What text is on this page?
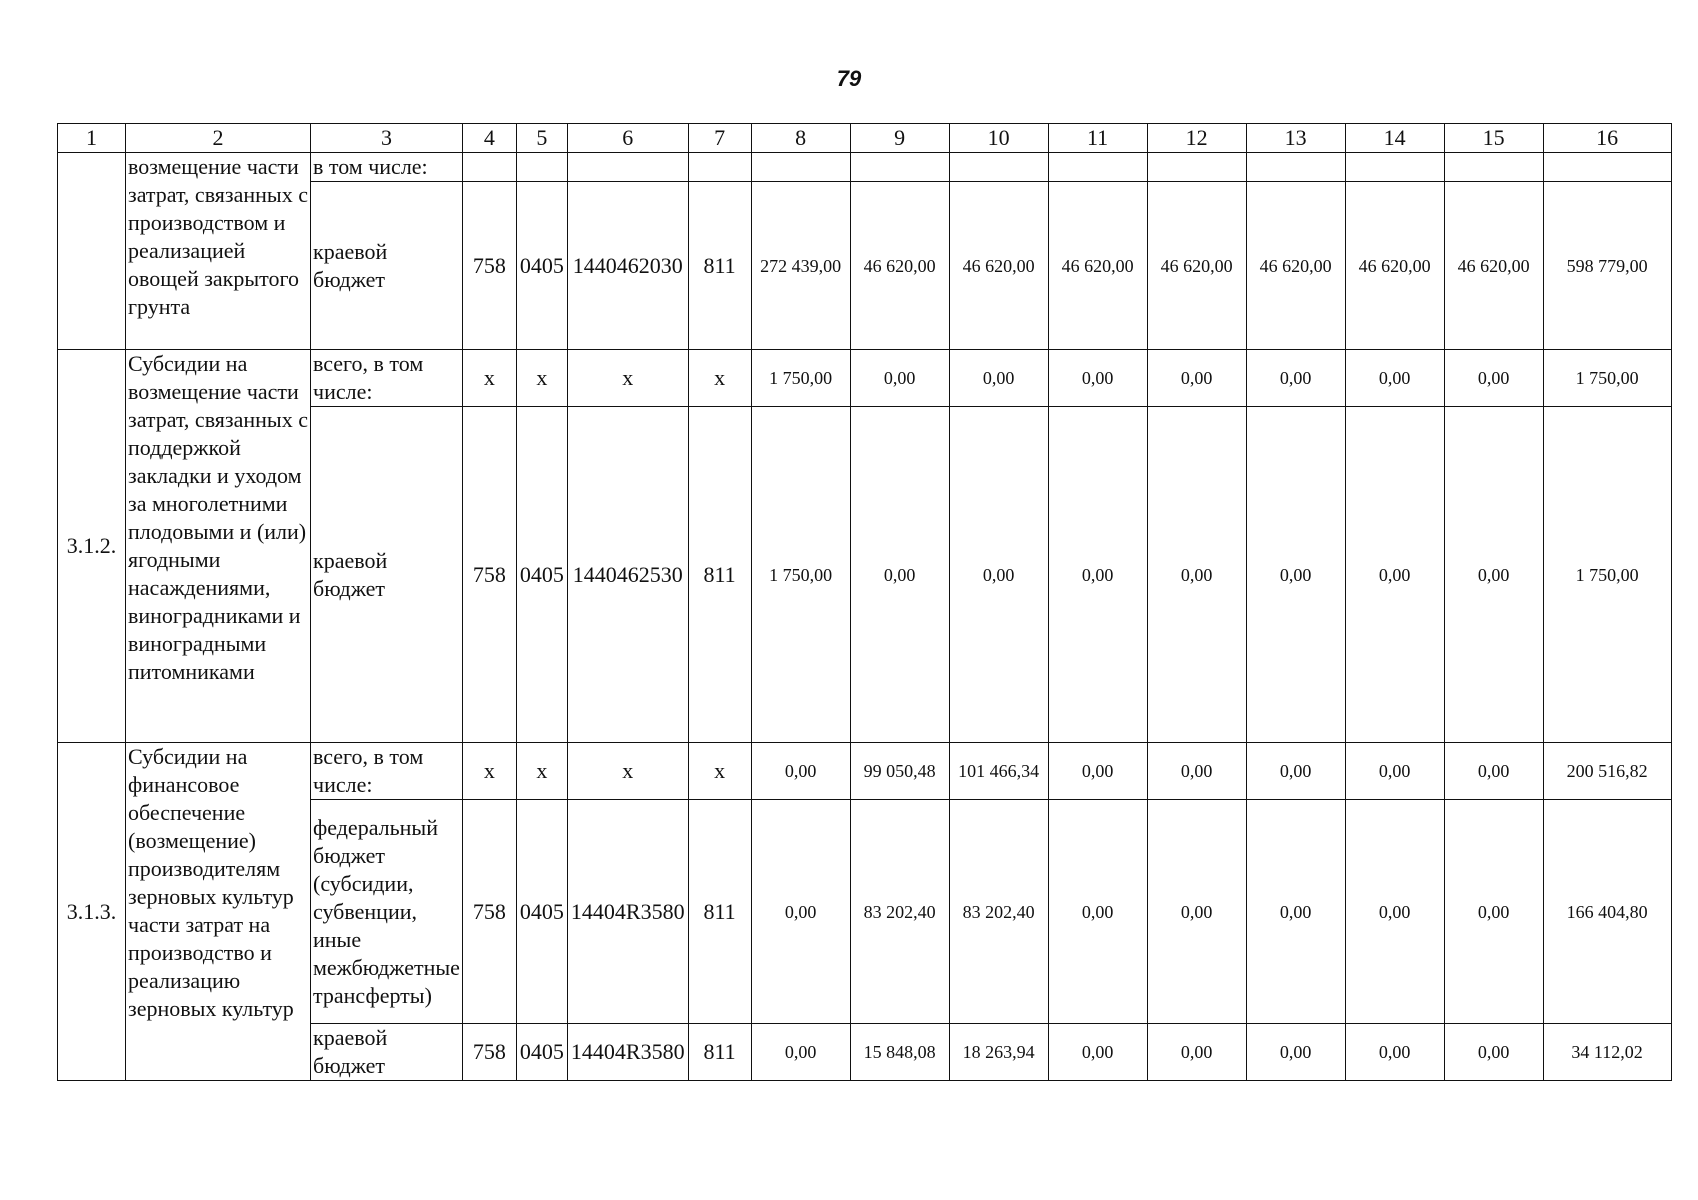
79
1	2	3	4	5	6	7	8	9	10	11	12	13	14	15	16
	возмещение части затрат, связанных с производством и реализацией овощей закрытого грунта	в том числе:													
		краевой бюджет	758	0405	1440462030	811	272 439,00	46 620,00	46 620,00	46 620,00	46 620,00	46 620,00	46 620,00	46 620,00	598 779,00
3.1.2.	Субсидии на возмещение части затрат, связанных с поддержкой закладки и уходом за многолетними плодовыми и (или) ягодными насаждениями, виноградниками и виноградными питомниками	всего, в том числе:	x	x	x	x	1 750,00	0,00	0,00	0,00	0,00	0,00	0,00	0,00	1 750,00
		краевой бюджет	758	0405	1440462530	811	1 750,00	0,00	0,00	0,00	0,00	0,00	0,00	0,00	1 750,00
3.1.3.	Субсидии на финансовое обеспечение (возмещение) производителям зерновых культур части затрат на производство и реализацию зерновых культур	всего, в том числе:	x	x	x	x	0,00	99 050,48	101 466,34	0,00	0,00	0,00	0,00	0,00	200 516,82
		федеральный бюджет (субсидии, субвенции, иные межбюджетные трансферты)	758	0405	14404R3580	811	0,00	83 202,40	83 202,40	0,00	0,00	0,00	0,00	0,00	166 404,80
		краевой бюджет	758	0405	14404R3580	811	0,00	15 848,08	18 263,94	0,00	0,00	0,00	0,00	0,00	34 112,02
